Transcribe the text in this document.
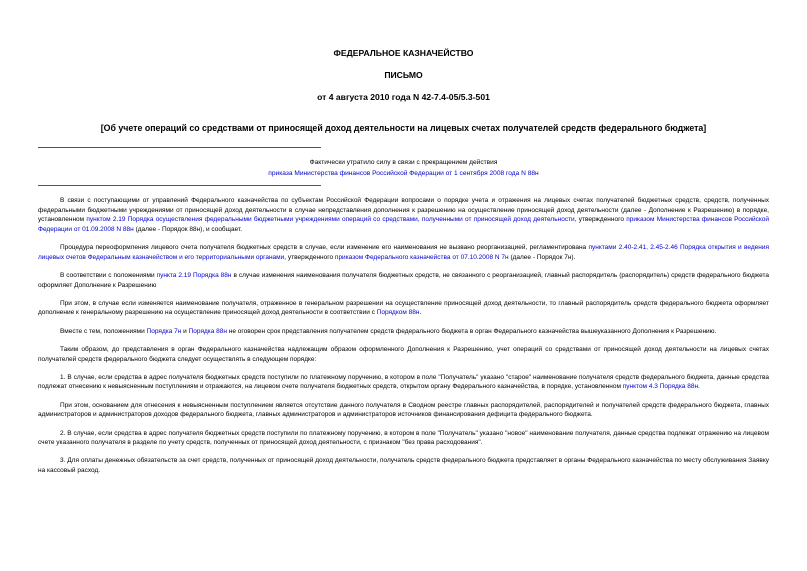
ФЕДЕРАЛЬНОЕ КАЗНАЧЕЙСТВО
ПИСЬМО
от 4 августа 2010 года N 42-7.4-05/5.3-501
[Об учете операций со средствами от приносящей доход деятельности на лицевых счетах получателей средств федерального бюджета]
Фактически утратило силу в связи с прекращением действия
приказа Министерства финансов Российской Федерации от 1 сентября 2008 года N 88н

В связи с поступающими от управлений Федерального казначейства по субъектам Российской Федерации вопросами о порядке учета и отражения на лицевых счетах получателей бюджетных средств, средств, полученных федеральными бюджетными учреждениями от приносящей доход деятельности в случае непредставления дополнения к разрешению на осуществление приносящей доход деятельности (далее - Дополнение к Разрешению) в порядке, установленном пунктом 2.19 Порядка осуществления федеральными бюджетными учреждениями операций со средствами, полученными от приносящей доход деятельности, утвержденного приказом Министерства финансов Российской Федерации от 01.09.2008 N 88н (далее - Порядок 88н), и сообщает.

Процедура переоформления лицевого счета получателя бюджетных средств в случае, если изменение его наименования не вызвано реорганизацией, регламентирована пунктами 2.40-2.41, 2.45-2.46 Порядка открытия и ведения лицевых счетов Федеральным казначейством и его территориальными органами, утвержденного приказом Федерального казначейства от 07.10.2008 N 7н (далее - Порядок 7н).

В соответствии с положениями пункта 2.19 Порядка 88н в случае изменения наименования получателя бюджетных средств, не связанного с реорганизацией, главный распорядитель (распорядитель) средств федерального бюджета оформляет Дополнение к Разрешению

При этом, в случае если изменяется наименование получателя, отраженное в генеральном разрешении на осуществление приносящей доход деятельности, то главный распорядитель средств федерального бюджета оформляет дополнение к генеральному разрешению на осуществление приносящей доход деятельности в соответствии с Порядком 88н.

Вместе с тем, положениями Порядка 7н и Порядка 88н не оговорен срок представления получателем средств федерального бюджета в орган Федерального казначейства вышеуказанного Дополнения к Разрешению.

Таким образом, до представления в орган Федерального казначейства надлежащим образом оформленного Дополнения к Разрешению, учет операций со средствами от приносящей доход деятельности на лицевых счетах получателей средств федерального бюджета следует осуществлять в следующем порядке:

1. В случае, если средства в адрес получателя бюджетных средств поступили по платежному поручению, в котором в поле "Получатель" указано "старое" наименование получателя средств федерального бюджета, данные средства подлежат отнесению к невыясненным поступлениям и отражаются, на лицевом счете получателя бюджетных средств, открытом органу Федерального казначейства, в порядке, установленном пунктом 4.3 Порядка 88н.

При этом, основанием для отнесения к невыясненным поступлением является отсутствие данного получателя в Сводном реестре главных распорядителей, распорядителей и получателей средств федерального бюджета, главных администраторов и администраторов доходов федерального бюджета, главных администраторов и администраторов источников финансирования дефицита федерального бюджета.

2. В случае, если средства в адрес получателя бюджетных средств поступили по платежному поручению, в котором в поле "Получатель" указано "новое" наименование получателя, данные средства подлежат отражению на лицевом счете указанного получателя в разделе по учету средств, полученных от приносящей доход деятельности, с признаком "без права расходования".

3. Для оплаты денежных обязательств за счет средств, полученных от приносящей доход деятельности, получатель средств федерального бюджета представляет в органы Федерального казначейства по месту обслуживания Заявку на кассовый расход.
